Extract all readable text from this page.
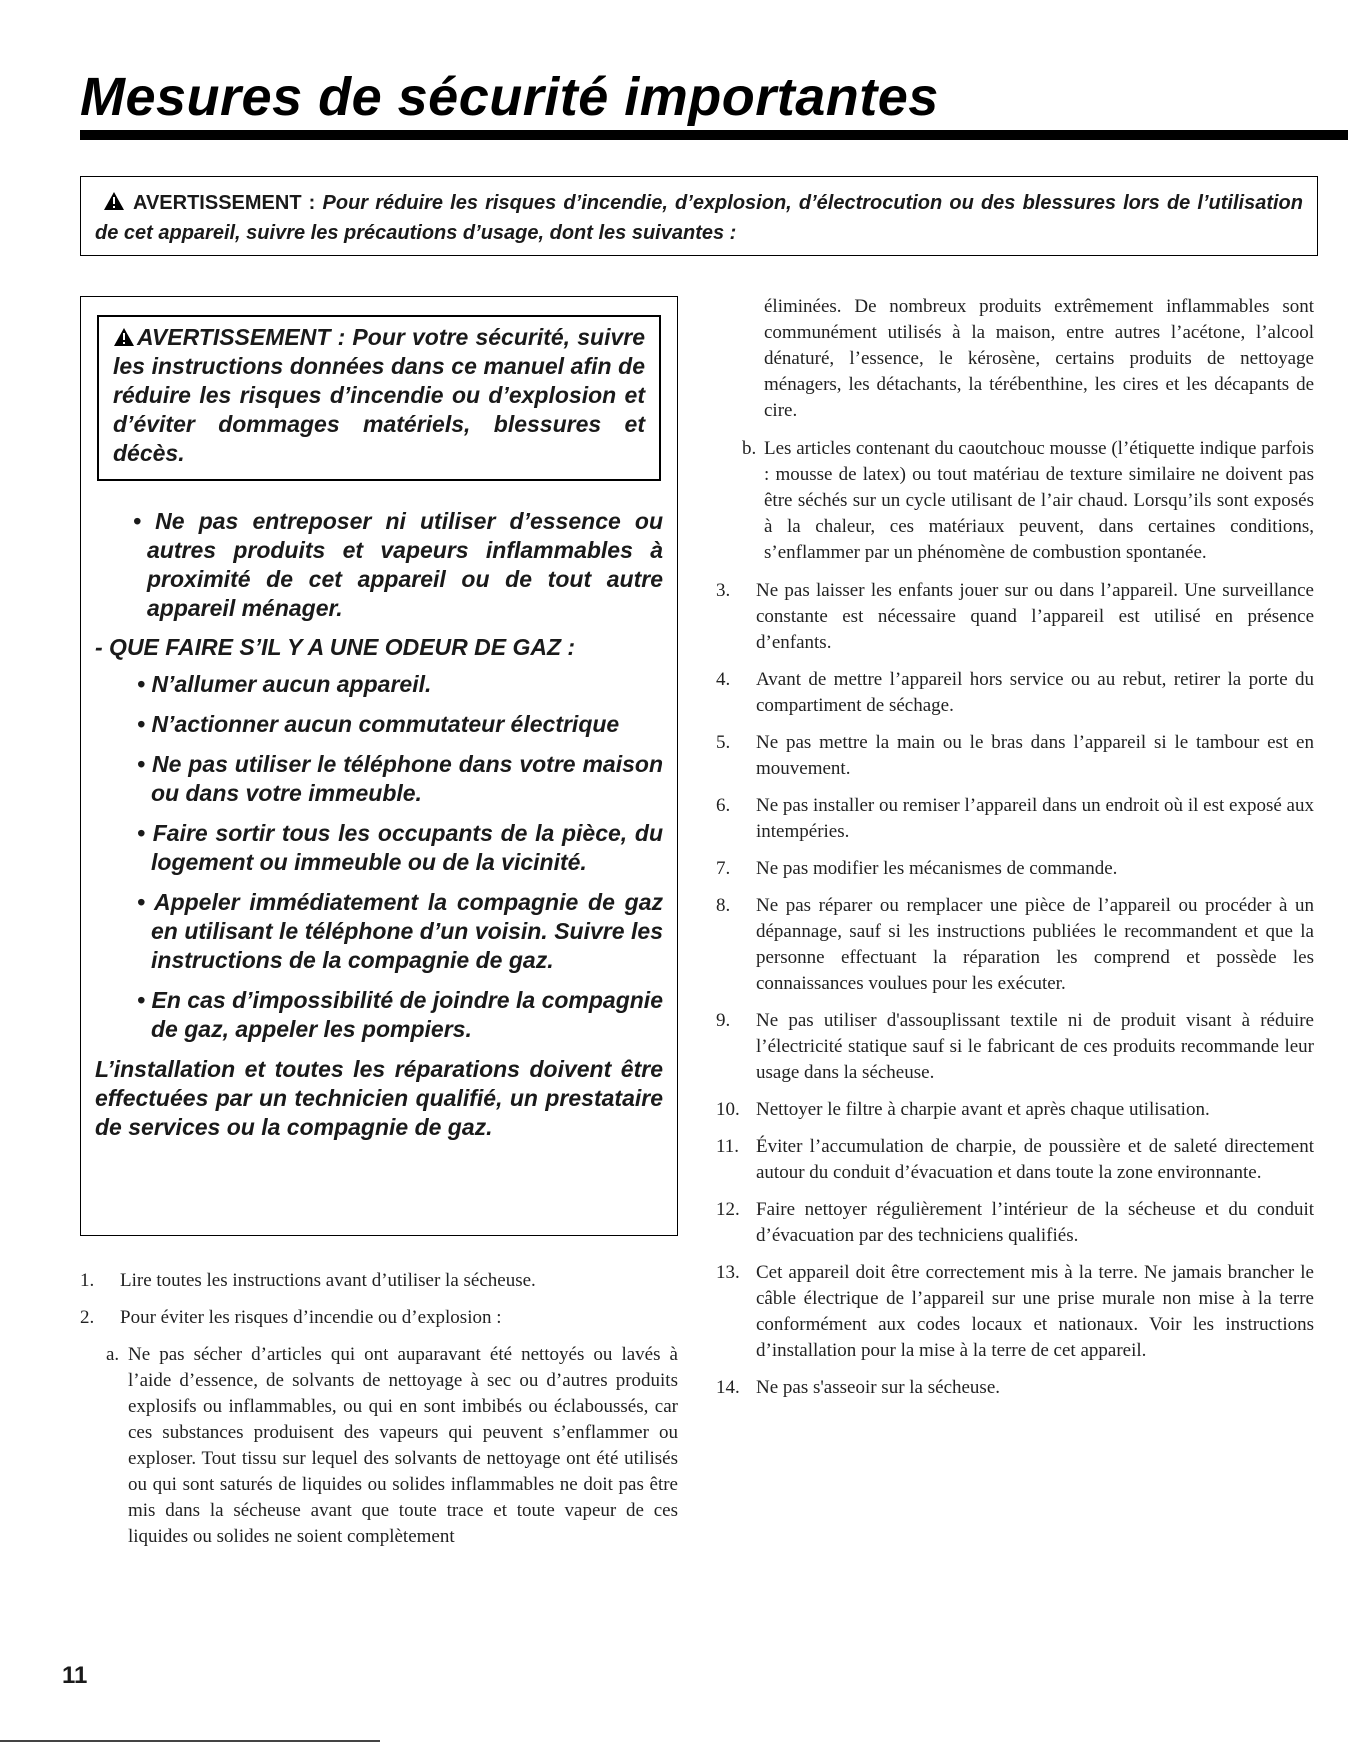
Mesures de sécurité importantes
AVERTISSEMENT : Pour réduire les risques d’incendie, d’explosion, d’électrocution ou des blessures lors de l’utilisation de cet appareil, suivre les précautions d’usage, dont les suivantes :
AVERTISSEMENT : Pour votre sécurité, suivre les instructions données dans ce manuel afin de réduire les risques d’incendie ou d’explosion et d’éviter dommages matériels, blessures et décès.
• Ne pas entreposer ni utiliser d’essence ou autres produits et vapeurs inflammables à proximité de cet appareil ou de tout autre appareil ménager.
- QUE FAIRE S’IL Y A UNE ODEUR DE GAZ :
• N’allumer aucun appareil.
• N’actionner aucun commutateur électrique
• Ne pas utiliser le téléphone dans votre maison ou dans votre immeuble.
• Faire sortir tous les occupants de la pièce, du logement ou immeuble ou de la vicinité.
• Appeler immédiatement la compagnie de gaz en utilisant le téléphone d’un voisin. Suivre les instructions de la compagnie de gaz.
• En cas d’impossibilité de joindre la compagnie de gaz, appeler les pompiers.
L’installation et toutes les réparations doivent être effectuées par un technicien qualifié, un prestataire de services ou la compagnie de gaz.
1. Lire toutes les instructions avant d’utiliser la sécheuse.
2. Pour éviter les risques d’incendie ou d’explosion :
a. Ne pas sécher d’articles qui ont auparavant été nettoyés ou lavés à l’aide d’essence, de solvants de nettoyage à sec ou d’autres produits explosifs ou inflammables, ou qui en sont imbibés ou éclaboussés, car ces substances produisent des vapeurs qui peuvent s’enflammer ou exploser. Tout tissu sur lequel des solvants de nettoyage ont été utilisés ou qui sont saturés de liquides ou solides inflammables ne doit pas être mis dans la sécheuse avant que toute trace et toute vapeur de ces liquides ou solides ne soient complètement
éliminées. De nombreux produits extrêmement inflammables sont communément utilisés à la maison, entre autres l’acétone, l’alcool dénaturé, l’essence, le kérosène, certains produits de nettoyage ménagers, les détachants, la térébenthine, les cires et les décapants de cire.
b. Les articles contenant du caoutchouc mousse (l’étiquette indique parfois : mousse de latex) ou tout matériau de texture similaire ne doivent pas être séchés sur un cycle utilisant de l’air chaud. Lorsqu’ils sont exposés à la chaleur, ces matériaux peuvent, dans certaines conditions, s’enflammer par un phénomène de combustion spontanée.
3. Ne pas laisser les enfants jouer sur ou dans l’appareil. Une surveillance constante est nécessaire quand l’appareil est utilisé en présence d’enfants.
4. Avant de mettre l’appareil hors service ou au rebut, retirer la porte du compartiment de séchage.
5. Ne pas mettre la main ou le bras dans l’appareil si le tambour est en mouvement.
6. Ne pas installer ou remiser l’appareil dans un endroit où il est exposé aux intempéries.
7. Ne pas modifier les mécanismes de commande.
8. Ne pas réparer ou remplacer une pièce de l’appareil ou procéder à un dépannage, sauf si les instructions publiées le recommandent et que la personne effectuant la réparation les comprend et possède les connaissances voulues pour les exécuter.
9. Ne pas utiliser d'assouplissant textile ni de produit visant à réduire l’électricité statique sauf si le fabricant de ces produits recommande leur usage dans la sécheuse.
10. Nettoyer le filtre à charpie avant et après chaque utilisation.
11. Éviter l’accumulation de charpie, de poussière et de saleté directement autour du conduit d’évacuation et dans toute la zone environnante.
12. Faire nettoyer régulièrement l’intérieur de la sécheuse et du conduit d’évacuation par des techniciens qualifiés.
13. Cet appareil doit être correctement mis à la terre. Ne jamais brancher le câble électrique de l’appareil sur une prise murale non mise à la terre conformément aux codes locaux et nationaux. Voir les instructions d’installation pour la mise à la terre de cet appareil.
14. Ne pas s'asseoir sur la sécheuse.
11
